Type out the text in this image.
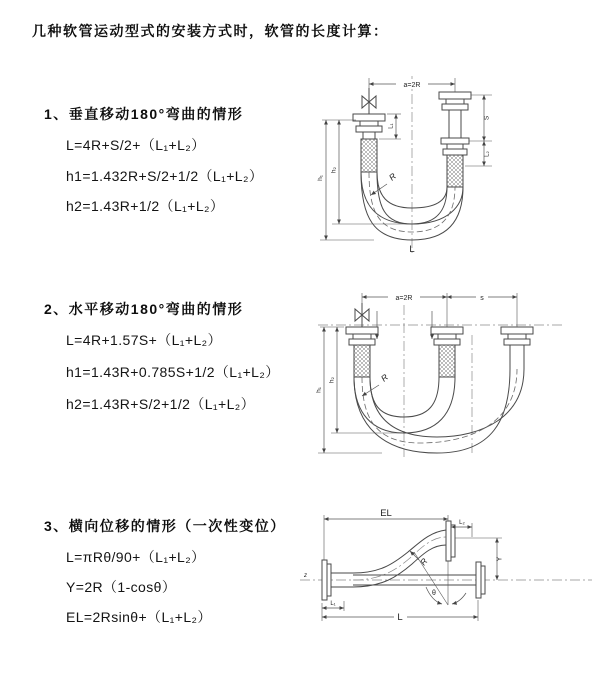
几种软管运动型式的安装方式时，软管的长度计算：
1、垂直移动180°弯曲的情形
L=4R+S/2+（L₁+L₂）
h1=1.432R+S/2+1/2（L₁+L₂）
h2=1.43R+1/2（L₁+L₂）
a=2R
h₁
h₂
L₁
S
L₂
R
L
2、水平移动180°弯曲的情形
L=4R+1.57S+（L₁+L₂）
h1=1.43R+0.785S+1/2（L₁+L₂）
h2=1.43R+S/2+1/2（L₁+L₂）
a=2R	s
h₁
h₂	R
3、横向位移的情形（一次性变位）
L=πRθ/90+（L₁+L₂）
Y=2R（1-cosθ）
EL=2Rsinθ+（L₁+L₂）
z
EL
L₂
Y
θ
R
L₁
L
